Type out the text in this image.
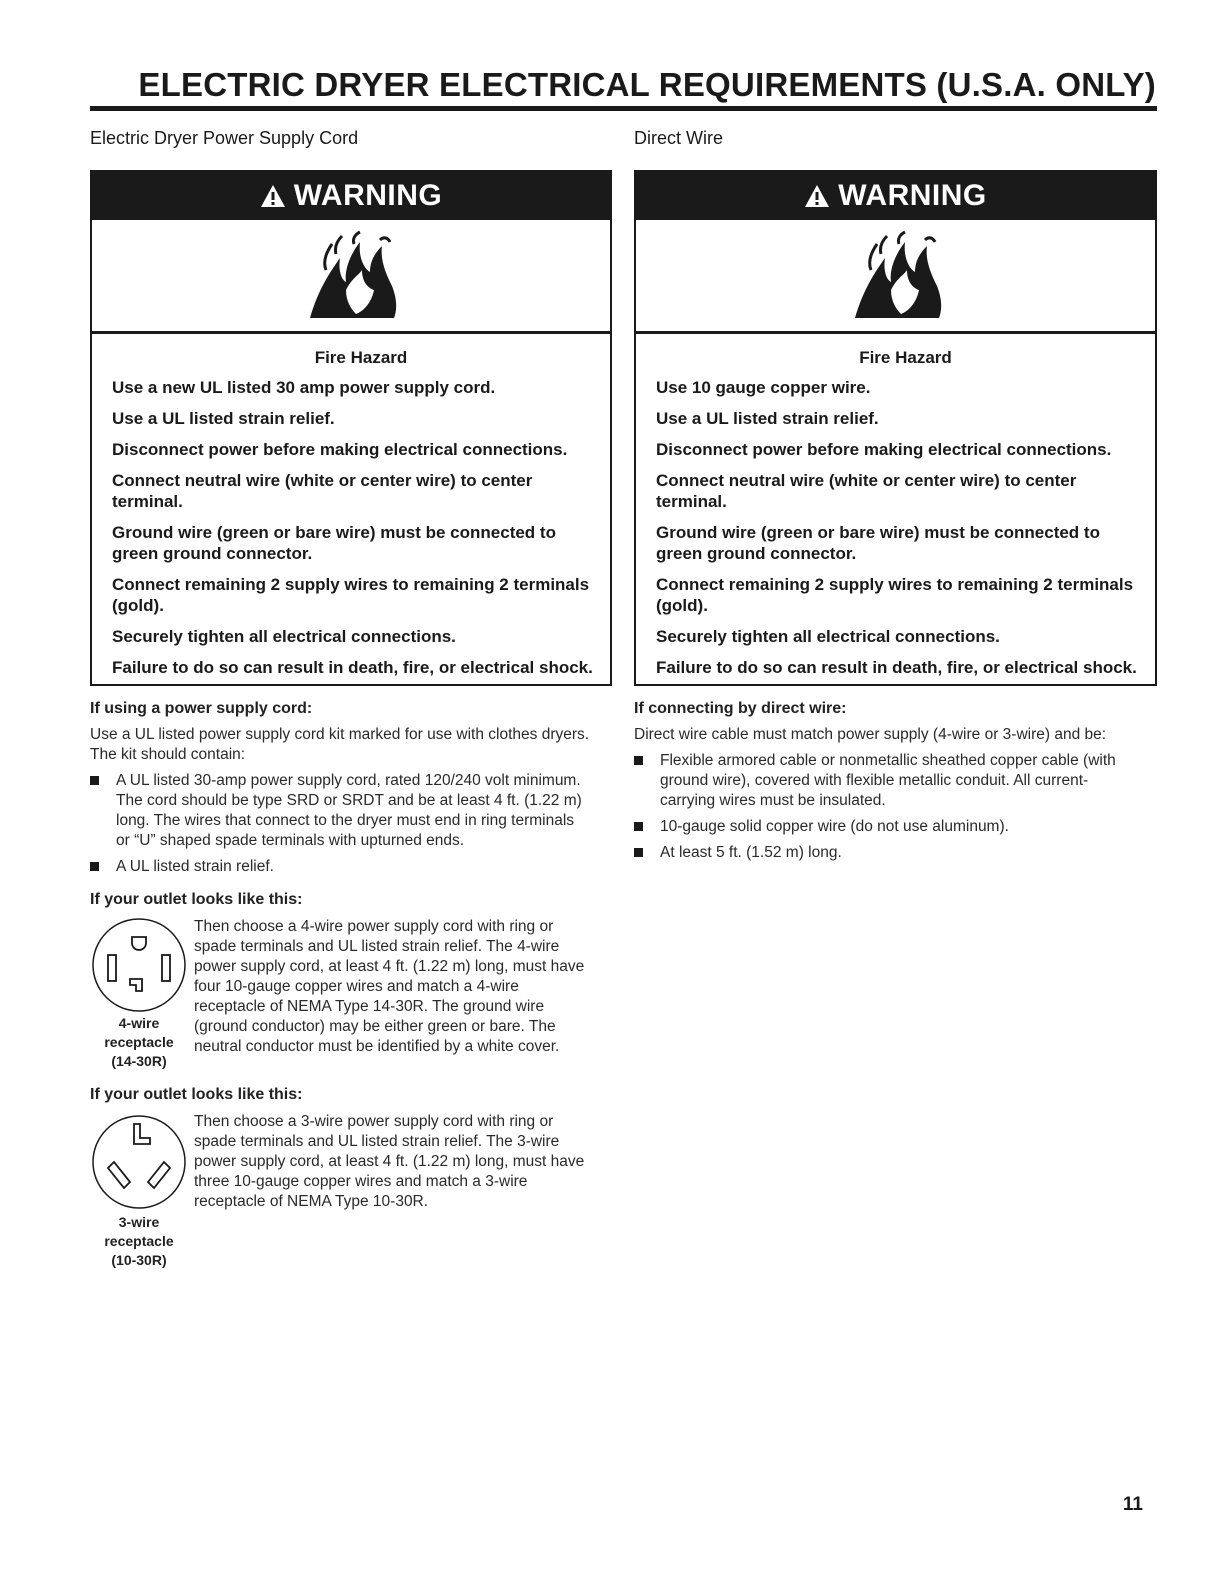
ELECTRIC DRYER ELECTRICAL REQUIREMENTS (U.S.A. ONLY)
Electric Dryer Power Supply Cord
WARNING

Fire Hazard

Use a new UL listed 30 amp power supply cord.

Use a UL listed strain relief.

Disconnect power before making electrical connections.

Connect neutral wire (white or center wire) to center terminal.

Ground wire (green or bare wire) must be connected to green ground connector.

Connect remaining 2 supply wires to remaining 2 terminals (gold).

Securely tighten all electrical connections.

Failure to do so can result in death, fire, or electrical shock.

If using a power supply cord:

Use a UL listed power supply cord kit marked for use with clothes dryers. The kit should contain:

A UL listed 30-amp power supply cord, rated 120/240 volt minimum. The cord should be type SRD or SRDT and be at least 4 ft. (1.22 m) long. The wires that connect to the dryer must end in ring terminals or “U” shaped spade terminals with upturned ends.
A UL listed strain relief.
If your outlet looks like this:
4-wire
receptacle
(14-30R)
Then choose a 4-wire power supply cord with ring or spade terminals and UL listed strain relief. The 4-wire power supply cord, at least 4 ft. (1.22 m) long, must have four 10-gauge copper wires and match a 4-wire receptacle of NEMA Type 14-30R. The ground wire (ground conductor) may be either green or bare. The neutral conductor must be identified by a white cover.
If your outlet looks like this:
3-wire
receptacle
(10-30R)
Then choose a 3-wire power supply cord with ring or spade terminals and UL listed strain relief. The 3-wire power supply cord, at least 4 ft. (1.22 m) long, must have three 10-gauge copper wires and match a 3-wire receptacle of NEMA Type 10-30R.
Direct Wire
WARNING

Fire Hazard

Use 10 gauge copper wire.

Use a UL listed strain relief.

Disconnect power before making electrical connections.

Connect neutral wire (white or center wire) to center terminal.

Ground wire (green or bare wire) must be connected to green ground connector.

Connect remaining 2 supply wires to remaining 2 terminals (gold).

Securely tighten all electrical connections.

Failure to do so can result in death, fire, or electrical shock.

If connecting by direct wire:

Direct wire cable must match power supply (4-wire or 3-wire) and be:

Flexible armored cable or nonmetallic sheathed copper cable (with ground wire), covered with flexible metallic conduit. All current-carrying wires must be insulated.
10-gauge solid copper wire (do not use aluminum).
At least 5 ft. (1.52 m) long.
11
